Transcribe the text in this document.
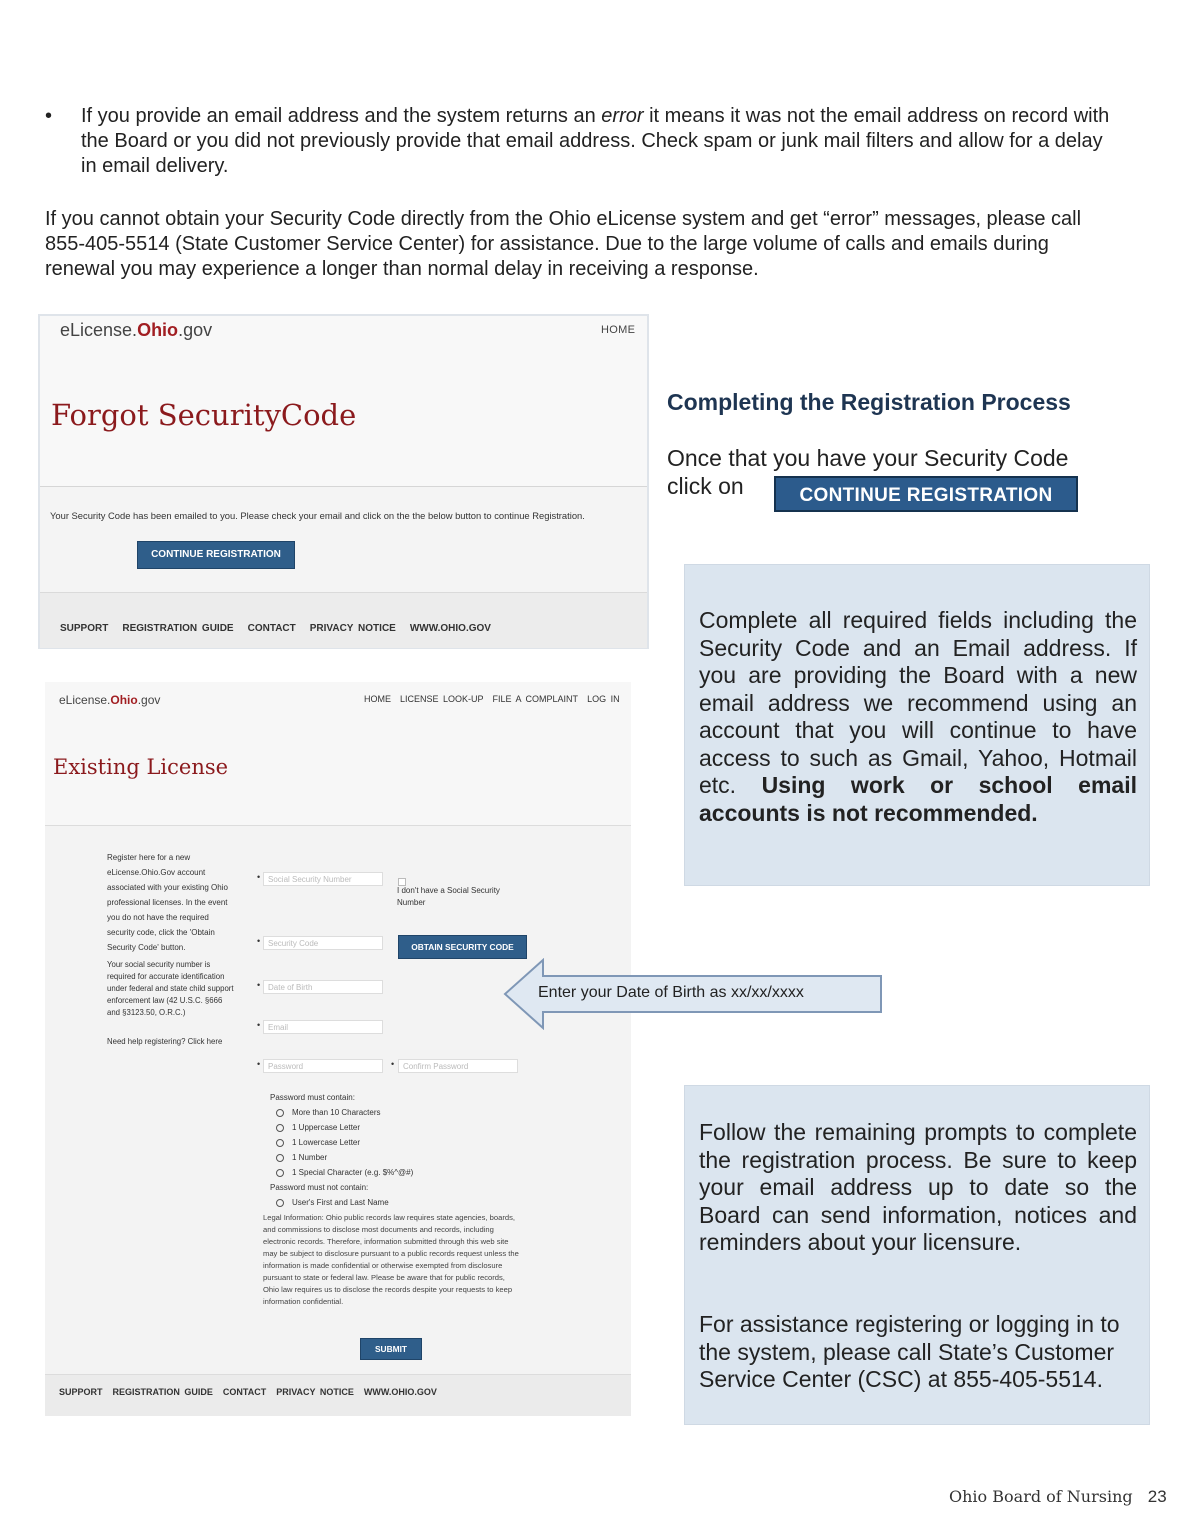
• If you provide an email address and the system returns an error it means it was not the email address on record with the Board or you did not previously provide that email address. Check spam or junk mail filters and allow for a delay in email delivery.
If you cannot obtain your Security Code directly from the Ohio eLicense system and get “error” messages, please call 855-405-5514 (State Customer Service Center) for assistance. Due to the large volume of calls and emails during renewal you may experience a longer than normal delay in receiving a response.
eLicense.Ohio.gov	HOME
Forgot SecurityCode
Your Security Code has been emailed to you. Please check your email and click on the the below button to continue Registration.
CONTINUE REGISTRATION
SUPPORT REGISTRATION GUIDE CONTACT PRIVACY NOTICE WWW.OHIO.GOV
Completing the Registration Process
Once that you have your Security Code
click on	CONTINUE REGISTRATION
Complete all required fields including the Security Code and an Email address. If you are providing the Board with a new email address we recommend using an account that you will continue to have access to such as Gmail, Yahoo, Hotmail etc. Using work or school email accounts is not recommended.
eLicense.Ohio.gov	HOME LICENSE LOOK-UP FILE A COMPLAINT LOG IN
Existing License
Register here for a new eLicense.Ohio.Gov account associated with your existing Ohio professional licenses. In the event you do not have the required security code, click the 'Obtain Security Code' button.
Your social security number is required for accurate identification under federal and state child support enforcement law (42 U.S.C. §666 and §3123.50, O.R.C.)
Need help registering? Click here
• Social Security Number
I don't have a Social Security Number
• Security Code	OBTAIN SECURITY CODE
• Date of Birth
• Email
• Password	•	Confirm Password
Password must contain:
More than 10 Characters
1 Uppercase Letter
1 Lowercase Letter
1 Number
1 Special Character (e.g. $%^@#)
Password must not contain:
User's First and Last Name
Legal Information: Ohio public records law requires state agencies, boards, and commissions to disclose most documents and records, including electronic records. Therefore, information submitted through this web site may be subject to disclosure pursuant to a public records request unless the information is made confidential or otherwise exempted from disclosure pursuant to state or federal law. Please be aware that for public records, Ohio law requires us to disclose the records despite your requests to keep information confidential.
SUBMIT
SUPPORT REGISTRATION GUIDE CONTACT PRIVACY NOTICE WWW.OHIO.GOV
Enter your Date of Birth as xx/xx/xxxx
Follow the remaining prompts to complete the registration process. Be sure to keep your email address up to date so the Board can send information, notices and reminders about your licensure.
For assistance registering or logging in to the system, please call State’s Customer Service Center (CSC) at 855-405-5514.
Ohio Board of Nursing 23
